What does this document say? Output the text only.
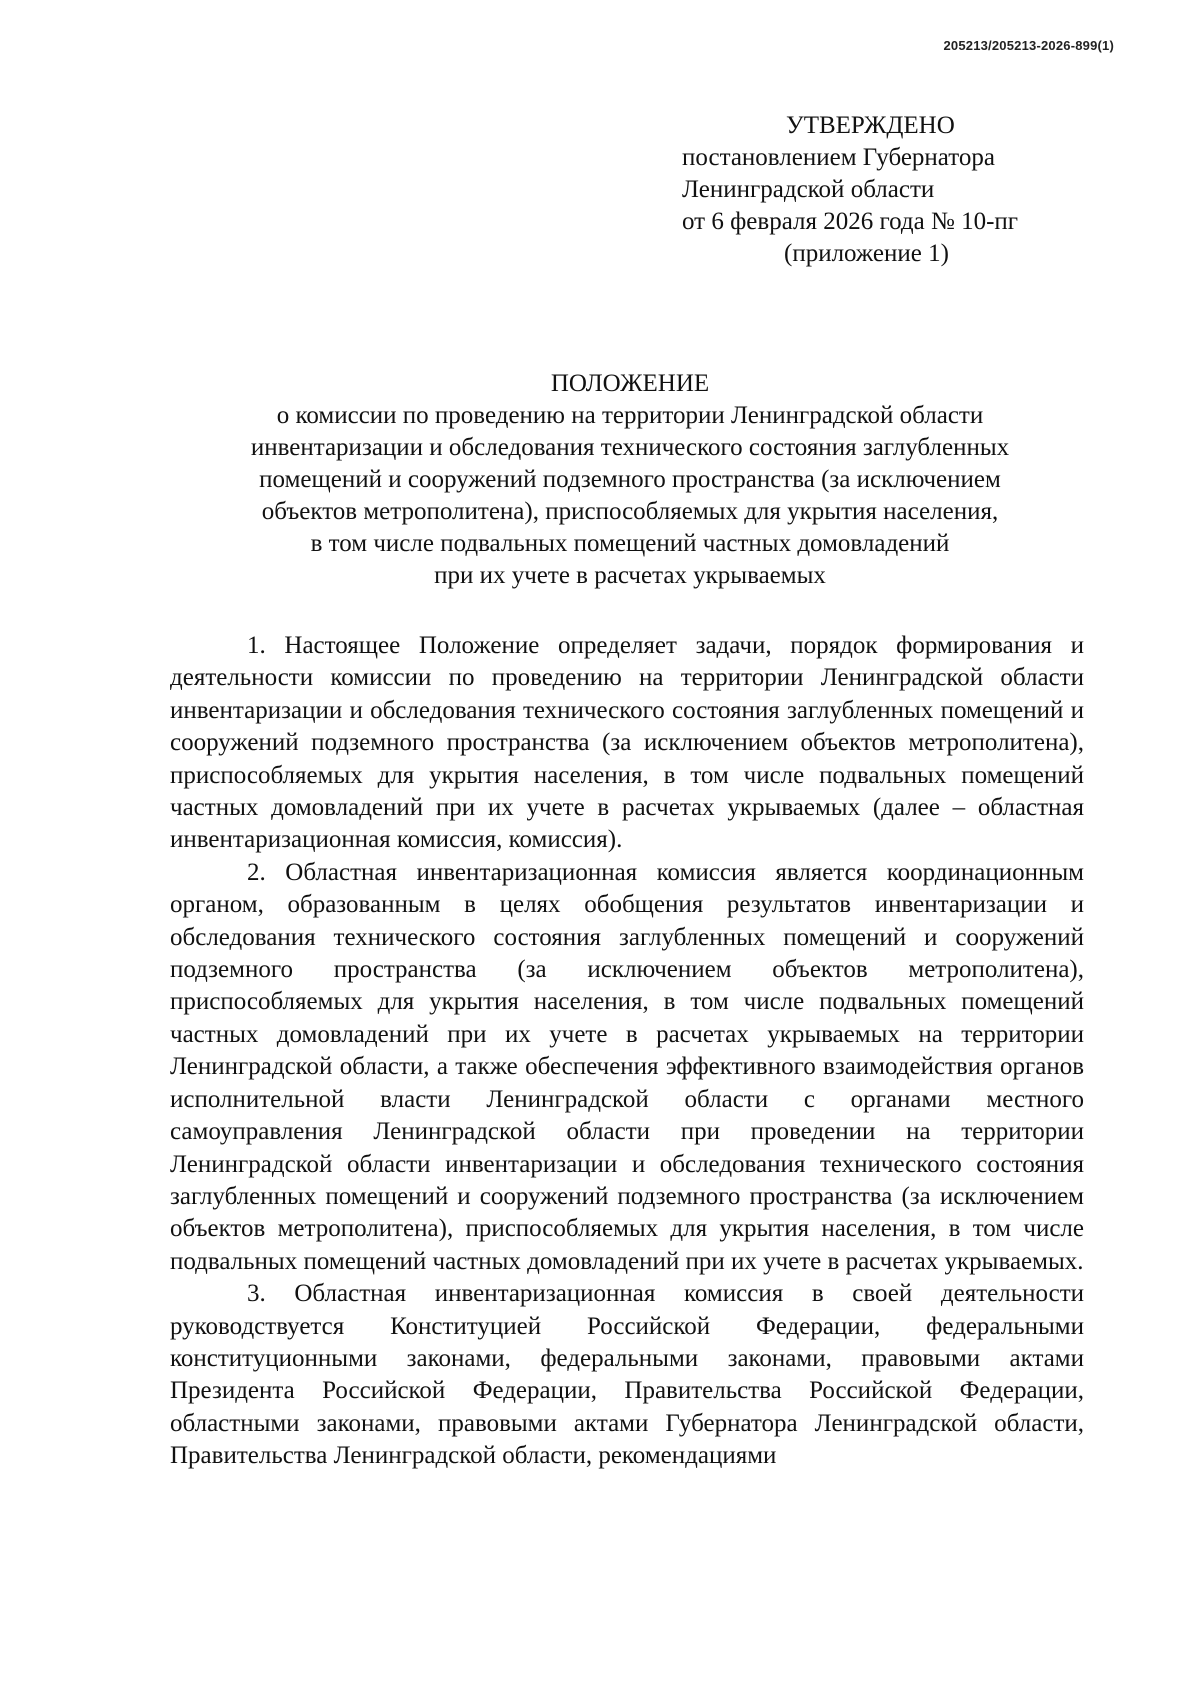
205213/205213-2026-899(1)
УТВЕРЖДЕНО
постановлением Губернатора
Ленинградской области
от 6 февраля 2026 года № 10-пг
(приложение 1)
ПОЛОЖЕНИЕ
о комиссии по проведению на территории Ленинградской области
инвентаризации и обследования технического состояния заглубленных
помещений и сооружений подземного пространства (за исключением
объектов метрополитена), приспособляемых для укрытия населения,
в том числе подвальных помещений частных домовладений
при их учете в расчетах укрываемых

1. Настоящее Положение определяет задачи, порядок формирования и деятельности комиссии по проведению на территории Ленинградской области инвентаризации и обследования технического состояния заглубленных помещений и сооружений подземного пространства (за исключением объектов метрополитена), приспособляемых для укрытия населения, в том числе подвальных помещений частных домовладений при их учете в расчетах укрываемых (далее – областная инвентаризационная комиссия, комиссия).

2. Областная инвентаризационная комиссия является координационным органом, образованным в целях обобщения результатов инвентаризации и обследования технического состояния заглубленных помещений и сооружений подземного пространства (за исключением объектов метрополитена), приспособляемых для укрытия населения, в том числе подвальных помещений частных домовладений при их учете в расчетах укрываемых на территории Ленинградской области, а также обеспечения эффективного взаимодействия органов исполнительной власти Ленинградской области с органами местного самоуправления Ленинградской области при проведении на территории Ленинградской области инвентаризации и обследования технического состояния заглубленных помещений и сооружений подземного пространства (за исключением объектов метрополитена), приспособляемых для укрытия населения, в том числе подвальных помещений частных домовладений при их учете в расчетах укрываемых.

3. Областная инвентаризационная комиссия в своей деятельности руководствуется Конституцией Российской Федерации, федеральными конституционными законами, федеральными законами, правовыми актами Президента Российской Федерации, Правительства Российской Федерации, областными законами, правовыми актами Губернатора Ленинградской области, Правительства Ленинградской области, рекомендациями
